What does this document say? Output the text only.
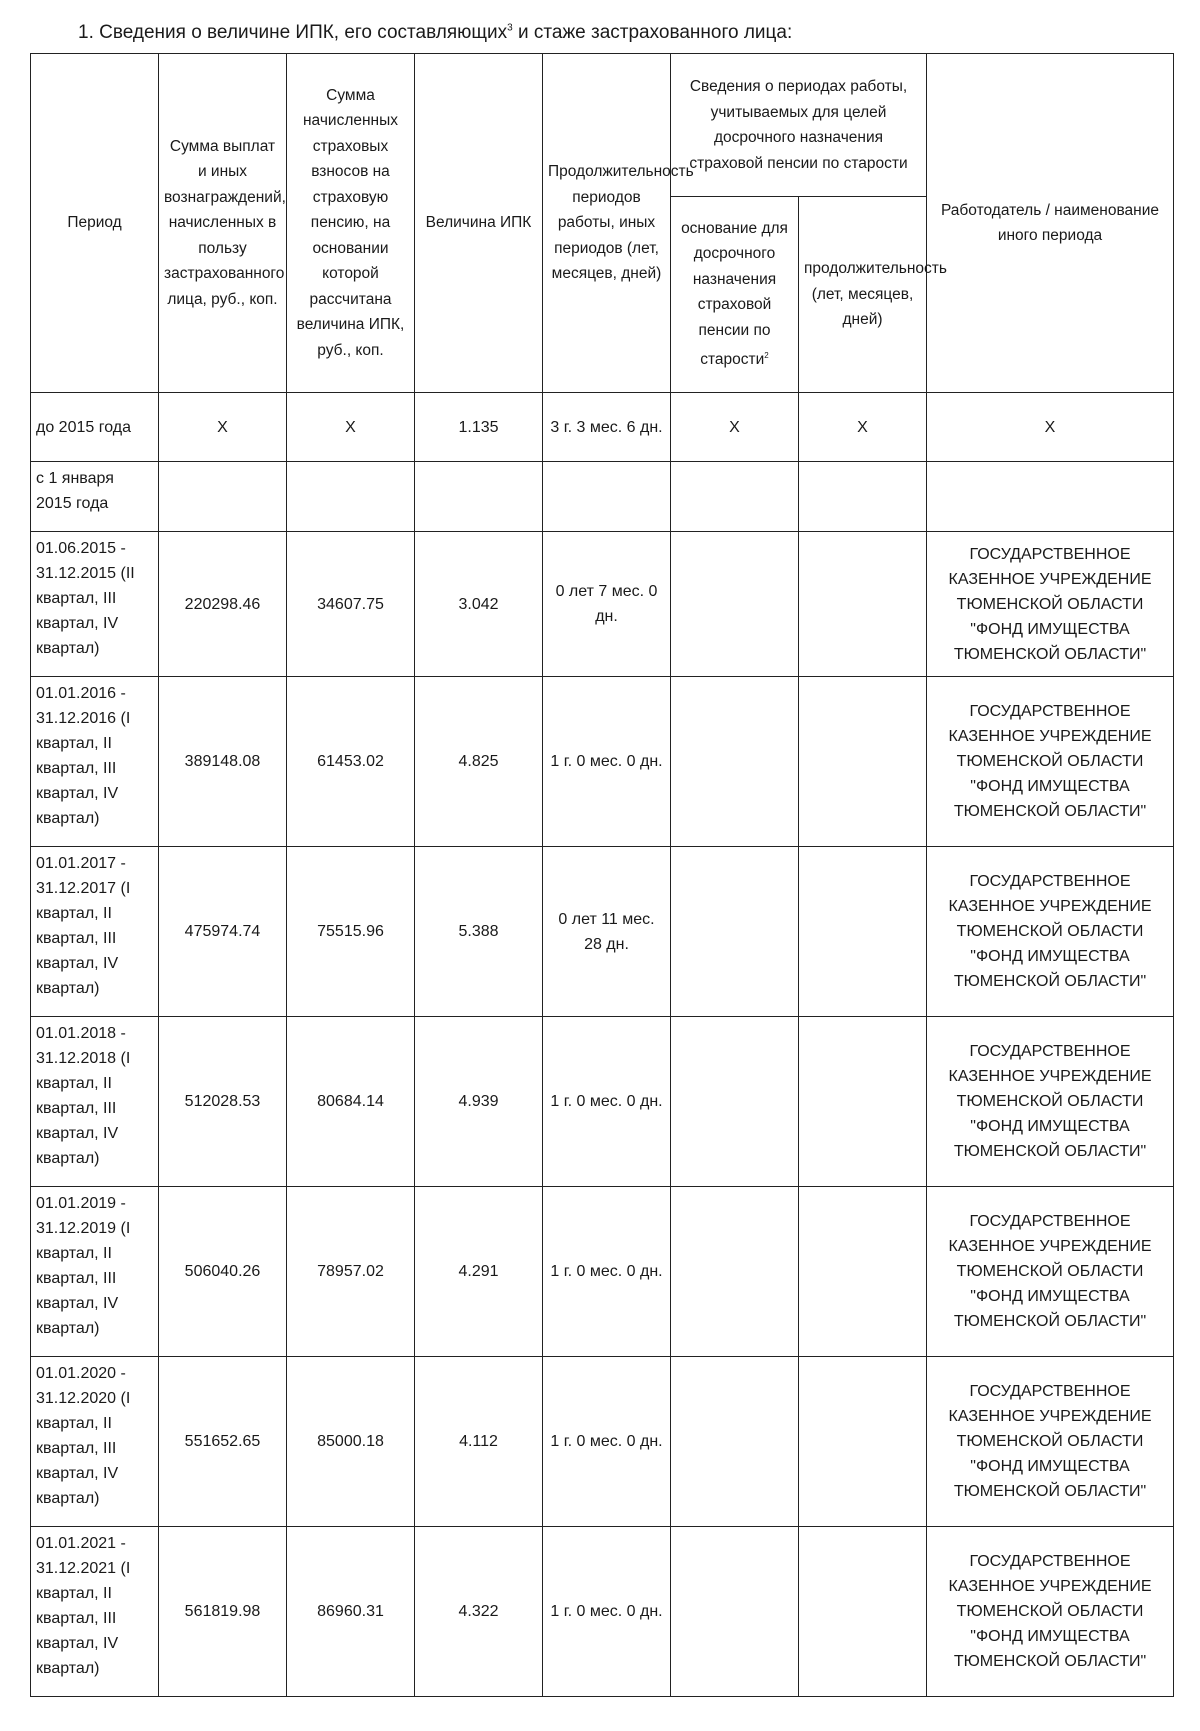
1. Сведения о величине ИПК, его составляющих$^3$ и стаже застрахованного лица:
Период	Сумма выплат и иных вознаграждений, начисленных в пользу застрахованного лица, руб., коп.	Сумма начисленных страховых взносов на страховую пенсию, на основании которой рассчитана величина ИПК, руб., коп.	Величина ИПК	Продолжительность периодов работы, иных периодов (лет, месяцев, дней)	Сведения о периодах работы, учитываемых для целей досрочного назначения страховой пенсии по старости		Работодатель / наименование иного периода
					основание для досрочного назначения страховой пенсии по старости$^2$	продолжительность (лет, месяцев, дней)	
до 2015 года	X	X	1.135	3 г. 3 мес. 6 дн.	X	X	X
с 1 января 2015 года							
01.06.2015 - 31.12.2015 (II квартал, III квартал, IV квартал)	220298.46	34607.75	3.042	0 лет 7 мес. 0 дн.			ГОСУДАРСТВЕННОЕ КАЗЕННОЕ УЧРЕЖДЕНИЕ ТЮМЕНСКОЙ ОБЛАСТИ "ФОНД ИМУЩЕСТВА ТЮМЕНСКОЙ ОБЛАСТИ"
01.01.2016 - 31.12.2016 (I квартал, II квартал, III квартал, IV квартал)	389148.08	61453.02	4.825	1 г. 0 мес. 0 дн.			ГОСУДАРСТВЕННОЕ КАЗЕННОЕ УЧРЕЖДЕНИЕ ТЮМЕНСКОЙ ОБЛАСТИ "ФОНД ИМУЩЕСТВА ТЮМЕНСКОЙ ОБЛАСТИ"
01.01.2017 - 31.12.2017 (I квартал, II квартал, III квартал, IV квартал)	475974.74	75515.96	5.388	0 лет 11 мес. 28 дн.			ГОСУДАРСТВЕННОЕ КАЗЕННОЕ УЧРЕЖДЕНИЕ ТЮМЕНСКОЙ ОБЛАСТИ "ФОНД ИМУЩЕСТВА ТЮМЕНСКОЙ ОБЛАСТИ"
01.01.2018 - 31.12.2018 (I квартал, II квартал, III квартал, IV квартал)	512028.53	80684.14	4.939	1 г. 0 мес. 0 дн.			ГОСУДАРСТВЕННОЕ КАЗЕННОЕ УЧРЕЖДЕНИЕ ТЮМЕНСКОЙ ОБЛАСТИ "ФОНД ИМУЩЕСТВА ТЮМЕНСКОЙ ОБЛАСТИ"
01.01.2019 - 31.12.2019 (I квартал, II квартал, III квартал, IV квартал)	506040.26	78957.02	4.291	1 г. 0 мес. 0 дн.			ГОСУДАРСТВЕННОЕ КАЗЕННОЕ УЧРЕЖДЕНИЕ ТЮМЕНСКОЙ ОБЛАСТИ "ФОНД ИМУЩЕСТВА ТЮМЕНСКОЙ ОБЛАСТИ"
01.01.2020 - 31.12.2020 (I квартал, II квартал, III квартал, IV квартал)	551652.65	85000.18	4.112	1 г. 0 мес. 0 дн.			ГОСУДАРСТВЕННОЕ КАЗЕННОЕ УЧРЕЖДЕНИЕ ТЮМЕНСКОЙ ОБЛАСТИ "ФОНД ИМУЩЕСТВА ТЮМЕНСКОЙ ОБЛАСТИ"
01.01.2021 - 31.12.2021 (I квартал, II квартал, III квартал, IV квартал)	561819.98	86960.31	4.322	1 г. 0 мес. 0 дн.			ГОСУДАРСТВЕННОЕ КАЗЕННОЕ УЧРЕЖДЕНИЕ ТЮМЕНСКОЙ ОБЛАСТИ "ФОНД ИМУЩЕСТВА ТЮМЕНСКОЙ ОБЛАСТИ"
